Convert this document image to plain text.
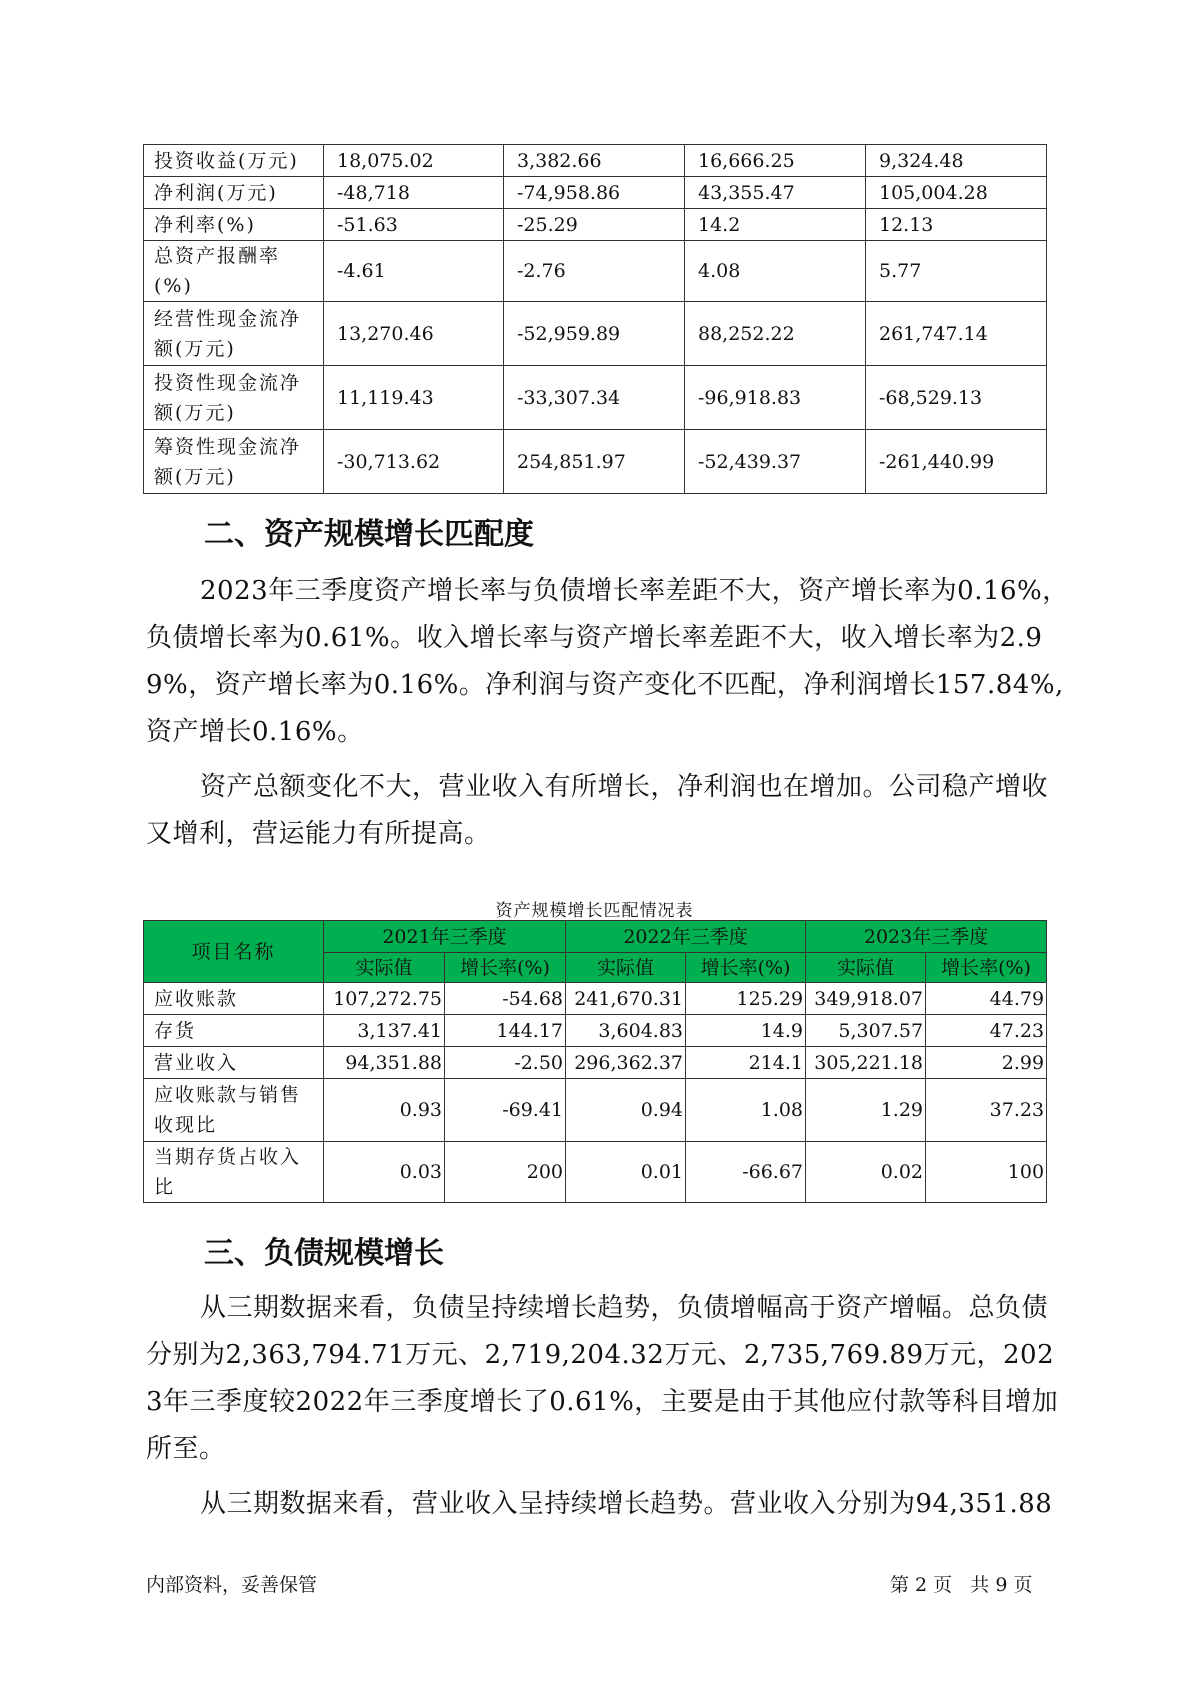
投资收益(万元)	18,075.02	3,382.66	16,666.25	9,324.48
净利润(万元)	-48,718	-74,958.86	43,355.47	105,004.28
净利率(%)	-51.63	-25.29	14.2	12.13
总资产报酬率(%)	-4.61	-2.76	4.08	5.77
经营性现金流净额(万元)	13,270.46	-52,959.89	88,252.22	261,747.14
投资性现金流净额(万元)	11,119.43	-33,307.34	-96,918.83	-68,529.13
筹资性现金流净额(万元)	-30,713.62	254,851.97	-52,439.37	-261,440.99
二、资产规模增长匹配度

2023年三季度资产增长率与负债增长率差距不大，资产增长率为0.16%，负债增长率为0.61%。收入增长率与资产增长率差距不大，收入增长率为2.99%，资产增长率为0.16%。净利润与资产变化不匹配，净利润增长157.84%,资产增长0.16%。

资产总额变化不大，营业收入有所增长，净利润也在增加。公司稳产增收又增利，营运能力有所提高。

资产规模增长匹配情况表
项目名称	2021年三季度		2022年三季度		2023年三季度	
	实际值	增长率(%)	实际值	增长率(%)	实际值	增长率(%)
应收账款	107,272.75	-54.68	241,670.31	125.29	349,918.07	44.79
存货	3,137.41	144.17	3,604.83	14.9	5,307.57	47.23
营业收入	94,351.88	-2.50	296,362.37	214.1	305,221.18	2.99
应收账款与销售收现比	0.93	-69.41	0.94	1.08	1.29	37.23
当期存货占收入比	0.03	200	0.01	-66.67	0.02	100
三、负债规模增长

从三期数据来看，负债呈持续增长趋势，负债增幅高于资产增幅。总负债分别为2,363,794.71万元、2,719,204.32万元、2,735,769.89万元，2023年三季度较2022年三季度增长了0.61%，主要是由于其他应付款等科目增加所至。

从三期数据来看，营业收入呈持续增长趋势。营业收入分别为94,351.88

内部资料，妥善保管	第 2 页   共 9 页
